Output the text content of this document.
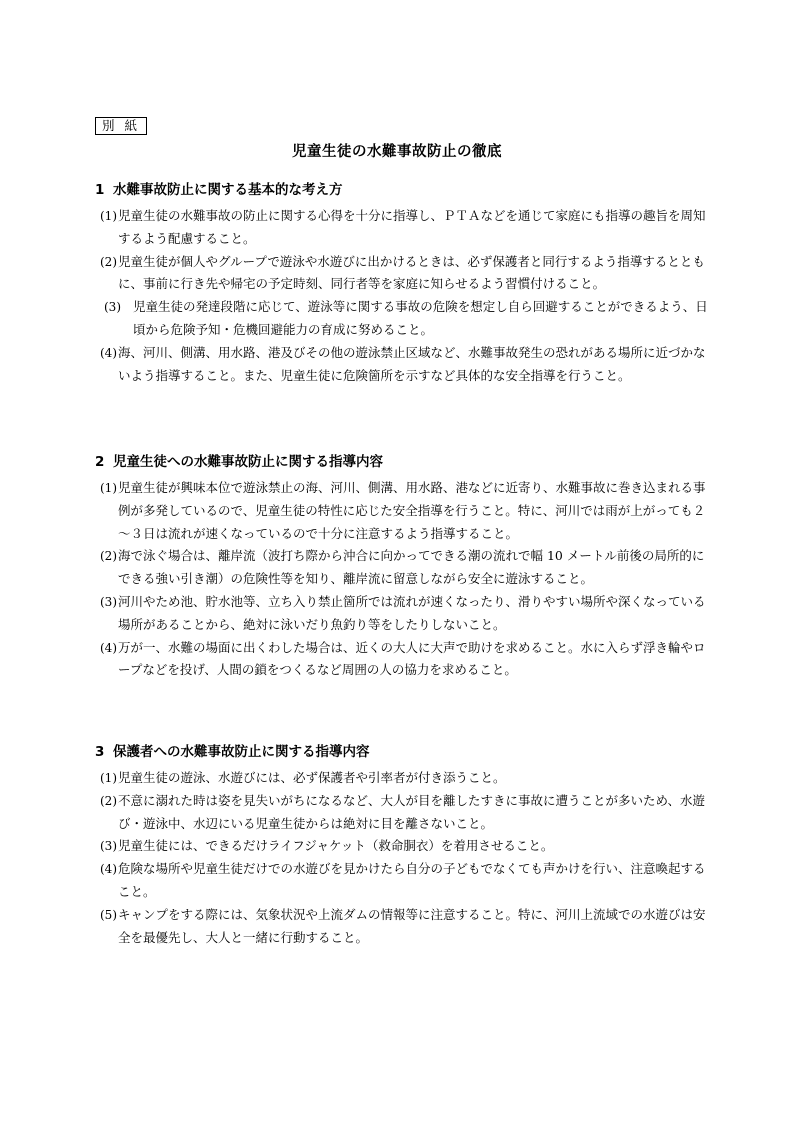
別 紙
児童生徒の水難事故防止の徹底
1 水難事故防止に関する基本的な考え方
(1) 児童生徒の水難事故の防止に関する心得を十分に指導し、ＰＴＡなどを通じて家庭にも指導の趣旨を周知するよう配慮すること。
(2) 児童生徒が個人やグループで遊泳や水遊びに出かけるときは、必ず保護者と同行するよう指導するとともに、事前に行き先や帰宅の予定時刻、同行者等を家庭に知らせるよう習慣付けること。
(3) 児童生徒の発達段階に応じて、遊泳等に関する事故の危険を想定し自ら回避することができるよう、日頃から危険予知・危機回避能力の育成に努めること。
(4) 海、河川、側溝、用水路、港及びその他の遊泳禁止区域など、水難事故発生の恐れがある場所に近づかないよう指導すること。また、児童生徒に危険箇所を示すなど具体的な安全指導を行うこと。
2 児童生徒への水難事故防止に関する指導内容
(1) 児童生徒が興味本位で遊泳禁止の海、河川、側溝、用水路、港などに近寄り、水難事故に巻き込まれる事例が多発しているので、児童生徒の特性に応じた安全指導を行うこと。特に、河川では雨が上がっても２～３日は流れが速くなっているので十分に注意するよう指導すること。
(2) 海で泳ぐ場合は、離岸流（波打ち際から沖合に向かってできる潮の流れで幅 10 メートル前後の局所的にできる強い引き潮）の危険性等を知り、離岸流に留意しながら安全に遊泳すること。
(3) 河川やため池、貯水池等、立ち入り禁止箇所では流れが速くなったり、滑りやすい場所や深くなっている場所があることから、絶対に泳いだり魚釣り等をしたりしないこと。
(4) 万が一、水難の場面に出くわした場合は、近くの大人に大声で助けを求めること。水に入らず浮き輪やロープなどを投げ、人間の鎖をつくるなど周囲の人の協力を求めること。
3 保護者への水難事故防止に関する指導内容
(1) 児童生徒の遊泳、水遊びには、必ず保護者や引率者が付き添うこと。
(2) 不意に溺れた時は姿を見失いがちになるなど、大人が目を離したすきに事故に遭うことが多いため、水遊び・遊泳中、水辺にいる児童生徒からは絶対に目を離さないこと。
(3) 児童生徒には、できるだけライフジャケット（救命胴衣）を着用させること。
(4) 危険な場所や児童生徒だけでの水遊びを見かけたら自分の子どもでなくても声かけを行い、注意喚起すること。
(5) キャンプをする際には、気象状況や上流ダムの情報等に注意すること。特に、河川上流域での水遊びは安全を最優先し、大人と一緒に行動すること。
